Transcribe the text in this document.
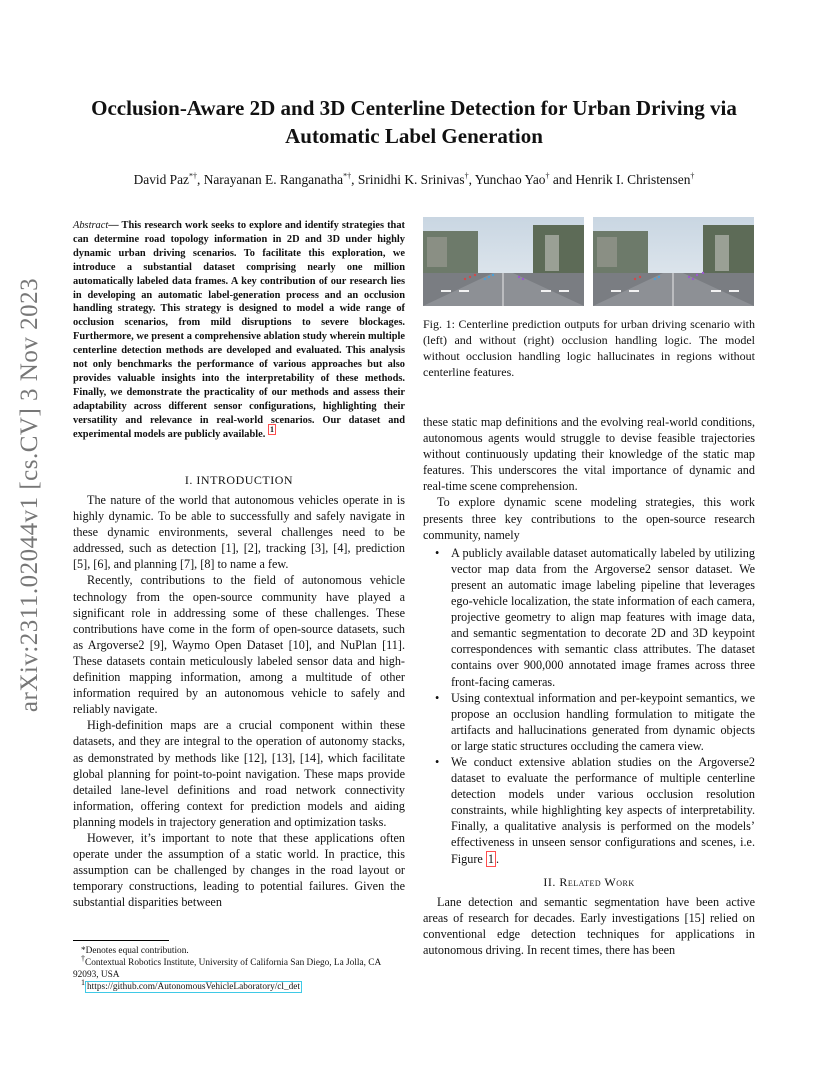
arXiv:2311.02044v1 [cs.CV] 3 Nov 2023
Occlusion-Aware 2D and 3D Centerline Detection for Urban Driving via Automatic Label Generation
David Paz*†, Narayanan E. Ranganatha*†, Srinidhi K. Srinivas†, Yunchao Yao† and Henrik I. Christensen†
Abstract— This research work seeks to explore and identify strategies that can determine road topology information in 2D and 3D under highly dynamic urban driving scenarios. To facilitate this exploration, we introduce a substantial dataset comprising nearly one million automatically labeled data frames. A key contribution of our research lies in developing an automatic label-generation process and an occlusion handling strategy. This strategy is designed to model a wide range of occlusion scenarios, from mild disruptions to severe blockages. Furthermore, we present a comprehensive ablation study wherein multiple centerline detection methods are developed and evaluated. This analysis not only benchmarks the performance of various approaches but also provides valuable insights into the interpretability of these methods. Finally, we demonstrate the practicality of our methods and assess their adaptability across different sensor configurations, highlighting their versatility and relevance in real-world scenarios. Our dataset and experimental models are publicly available. $^1$
I. INTRODUCTION

The nature of the world that autonomous vehicles operate in is highly dynamic. To be able to successfully and safely navigate in these dynamic environments, several challenges need to be addressed, such as detection [1], [2], tracking [3], [4], prediction [5], [6], and planning [7], [8] to name a few.

Recently, contributions to the field of autonomous vehicle technology from the open-source community have played a significant role in addressing some of these challenges. These contributions have come in the form of open-source datasets, such as Argoverse2 [9], Waymo Open Dataset [10], and NuPlan [11]. These datasets contain meticulously labeled sensor data and high-definition mapping information, among a multitude of other information required by an autonomous vehicle to safely and reliably navigate.

High-definition maps are a crucial component within these datasets, and they are integral to the operation of autonomy stacks, as demonstrated by methods like [12], [13], [14], which facilitate global planning for point-to-point navigation. These maps provide detailed lane-level definitions and road network connectivity information, offering context for prediction models and aiding planning models in trajectory generation and optimization tasks.

However, it’s important to note that these applications often operate under the assumption of a static world. In practice, this assumption can be challenged by changes in the road layout or temporary constructions, leading to potential failures. Given the substantial disparities between

Fig. 1: Centerline prediction outputs for urban driving scenario with (left) and without (right) occlusion handling logic. The model without occlusion handling logic hallucinates in regions without centerline features.

these static map definitions and the evolving real-world conditions, autonomous agents would struggle to devise feasible trajectories without continuously updating their knowledge of the static map features. This underscores the vital importance of dynamic and real-time scene comprehension.

To explore dynamic scene modeling strategies, this work presents three key contributions to the open-source research community, namely

• A publicly available dataset automatically labeled by utilizing vector map data from the Argoverse2 sensor dataset. We present an automatic image labeling pipeline that leverages ego-vehicle localization, the state information of each camera, projective geometry to align map features with image data, and semantic segmentation to decorate 2D and 3D keypoint correspondences with semantic class attributes. The dataset contains over 900,000 annotated image frames across three front-facing cameras.
• Using contextual information and per-keypoint semantics, we propose an occlusion handling formulation to mitigate the artifacts and hallucinations generated from dynamic objects or large static structures occluding the camera view.
• We conduct extensive ablation studies on the Argoverse2 dataset to evaluate the performance of multiple centerline detection models under various occlusion resolution constraints, while highlighting key aspects of interpretability. Finally, a qualitative analysis is performed on the models’ effectiveness in unseen sensor configurations and scenes, i.e. Figure 1 .
II. Related Work

Lane detection and semantic segmentation have been active areas of research for decades. Early investigations [15] relied on conventional edge detection techniques for applications in autonomous driving. In recent times, there has been

*Denotes equal contribution.
†Contextual Robotics Institute, University of California San Diego, La Jolla, CA 92093, USA
$^1$ https://github.com/AutonomousVehicleLaboratory/cl_det
